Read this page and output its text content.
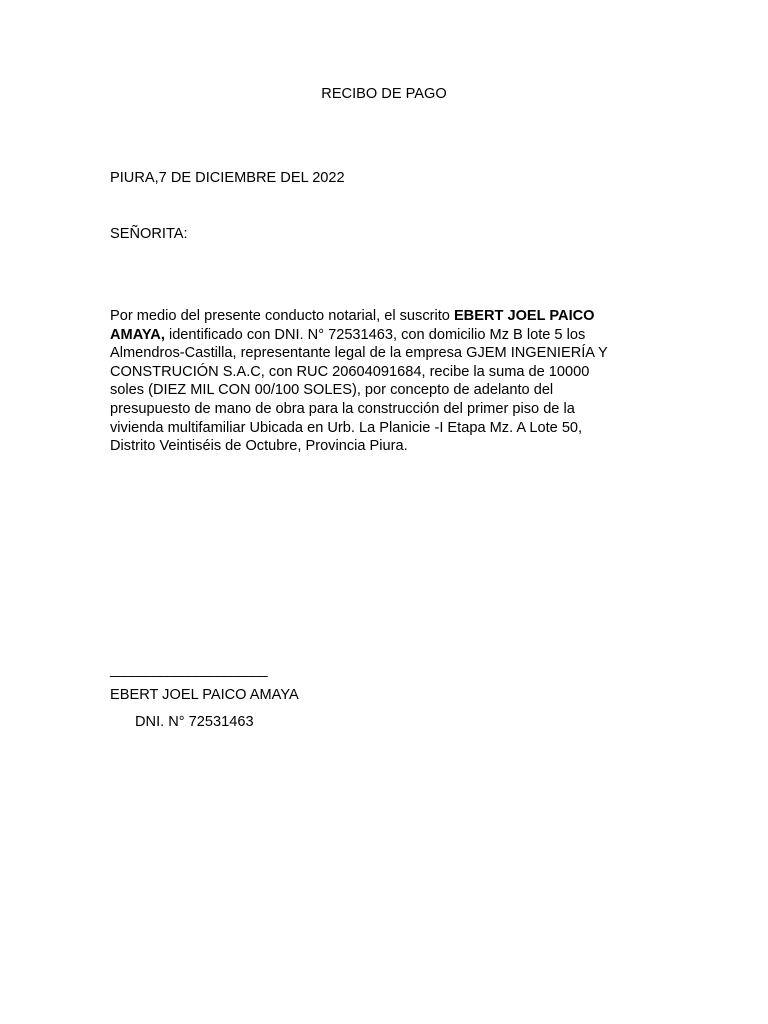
RECIBO DE PAGO
PIURA,7 DE DICIEMBRE DEL 2022
SEÑORITA:
Por medio del presente conducto notarial, el suscrito EBERT JOEL PAICO
AMAYA, identificado con DNI. N° 72531463, con domicilio Mz B lote 5 los
Almendros-Castilla, representante legal de la empresa GJEM INGENIERÍA Y
CONSTRUCIÓN S.A.C, con RUC 20604091684, recibe la suma de 10000
soles (DIEZ MIL CON 00/100 SOLES), por concepto de adelanto del
presupuesto de mano de obra para la construcción del primer piso de la
vivienda multifamiliar Ubicada en Urb. La Planicie -I Etapa Mz. A Lote 50,
Distrito Veintiséis de Octubre, Provincia Piura.
______________________
EBERT JOEL PAICO AMAYA
DNI. N° 72531463
